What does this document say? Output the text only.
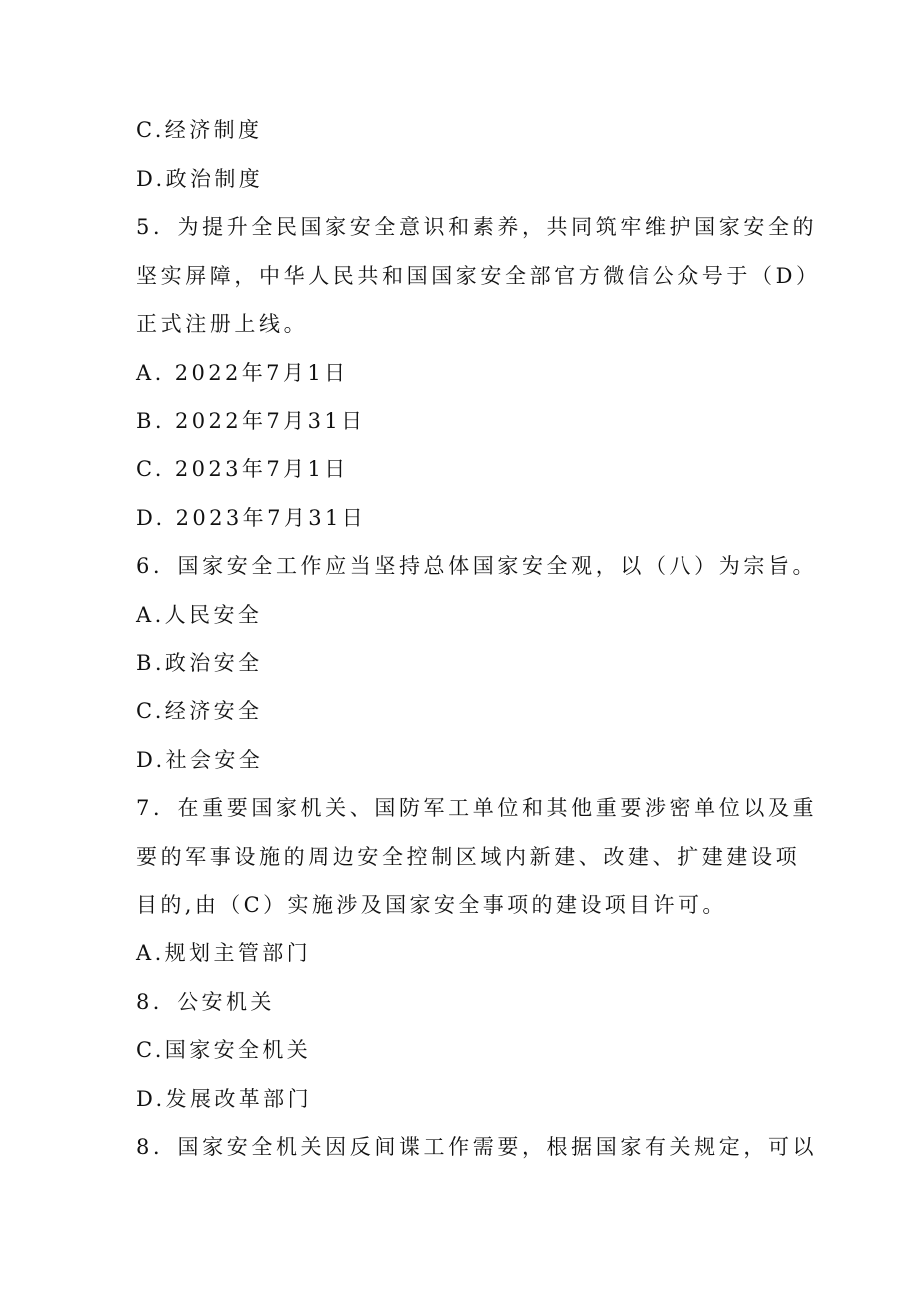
C.经济制度

D.政治制度

5．为提升全民国家安全意识和素养，共同筑牢维护国家安全的

坚实屏障，中华人民共和国国家安全部官方微信公众号于（D）

正式注册上线。

A. 2022年7月1日

B. 2022年7月31日

C. 2023年7月1日

D. 2023年7月31日

6．国家安全工作应当坚持总体国家安全观，以（八）为宗旨。

A.人民安全

B.政治安全

C.经济安全

D.社会安全

7．在重要国家机关、国防军工单位和其他重要涉密单位以及重

要的军事设施的周边安全控制区域内新建、改建、扩建建设项

目的,由（C）实施涉及国家安全事项的建设项目许可。

A.规划主管部门

8．公安机关

C.国家安全机关

D.发展改革部门

8．国家安全机关因反间谍工作需要，根据国家有关规定，可以
